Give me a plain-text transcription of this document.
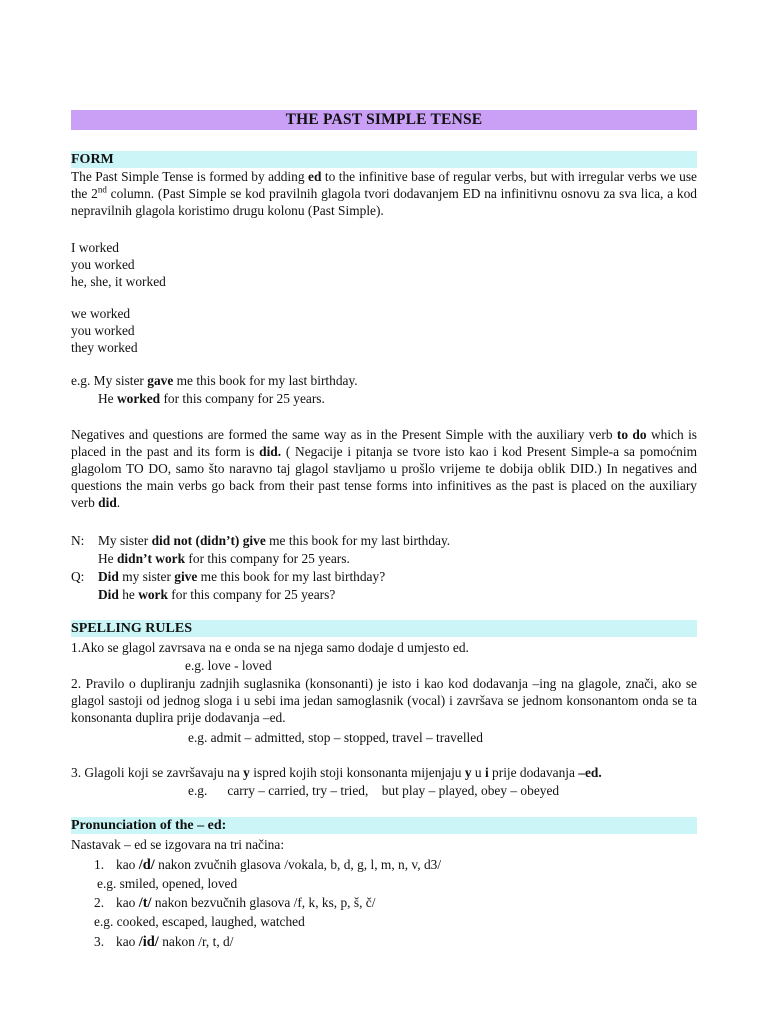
THE PAST SIMPLE TENSE
FORM
The Past Simple Tense is formed by adding ed to the infinitive base of regular verbs, but with irregular verbs we use the 2nd column. (Past Simple se kod pravilnih glagola tvori dodavanjem ED na infinitivnu osnovu za sva lica, a kod nepravilnih glagola koristimo drugu kolonu (Past Simple).
I worked
you worked
he, she, it worked
we worked
you worked
they worked
e.g. My sister gave me this book for my last birthday.
He worked for this company for 25 years.
Negatives and questions are formed the same way as in the Present Simple with the auxiliary verb to do which is placed in the past and its form is did. ( Negacije i pitanja se tvore isto kao i kod Present Simple-a sa pomoćnim glagolom TO DO, samo što naravno taj glagol stavljamo u prošlo vrijeme te dobija oblik DID.) In negatives and questions the main verbs go back from their past tense forms into infinitives as the past is placed on the auxiliary verb did.
N: My sister did not (didn’t) give me this book for my last birthday.
He didn’t work for this company for 25 years.
Q: Did my sister give me this book for my last birthday?
Did he work for this company for 25 years?
SPELLING RULES
1.Ako se glagol zavrsava na e onda se na njega samo dodaje d umjesto ed.
e.g. love - loved
2. Pravilo o dupliranju zadnjih suglasnika (konsonanti) je isto i kao kod dodavanja –ing na glagole, znači, ako se glagol sastoji od jednog sloga i u sebi ima jedan samoglasnik (vocal) i završava se jednom konsonantom onda se ta konsonanta duplira prije dodavanja –ed.
e.g. admit – admitted, stop – stopped, travel – travelled
3. Glagoli koji se završavaju na y ispred kojih stoji konsonanta mijenjaju y u i prije dodavanja –ed.
e.g.      carry – carried, try – tried,    but play – played, obey – obeyed
Pronunciation of the – ed:
Nastavak – ed se izgovara na tri načina:
1. kao /d/ nakon zvučnih glasova /vokala, b, d, g, l, m, n, v, d3/
e.g. smiled, opened, loved
2. kao /t/ nakon bezvučnih glasova /f, k, ks, p, š, č/
e.g. cooked, escaped, laughed, watched
3. kao /id/ nakon /r, t, d/
